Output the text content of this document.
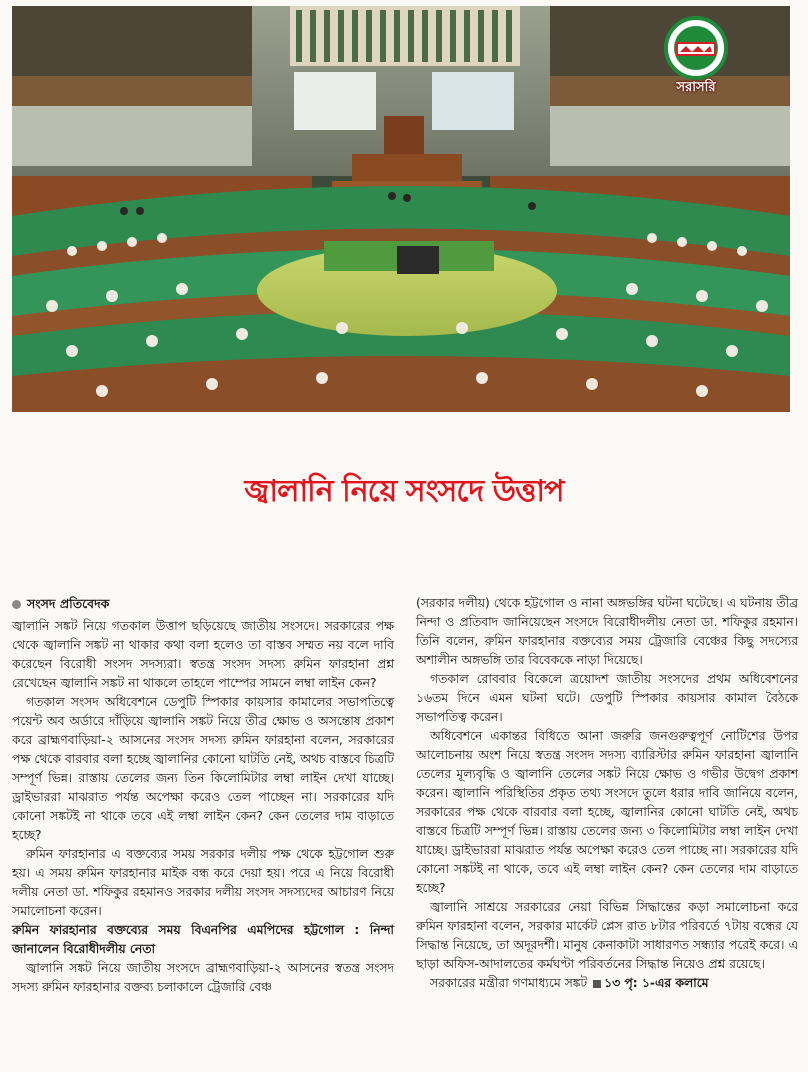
সরাসরি
জ্বালানি নিয়ে সংসদে উত্তাপ
সংসদ প্রতিবেদক

জ্বালানি সঙ্কট নিয়ে গতকাল উত্তাপ ছড়িয়েছে জাতীয় সংসদে। সরকারের পক্ষ থেকে জ্বালানি সঙ্কট না থাকার কথা বলা হলেও তা বাস্তব সম্মত নয় বলে দাবি করেছেন বিরোধী সংসদ সদস্যরা। স্বতন্ত্র সংসদ সদস্য রুমিন ফারহানা প্রশ্ন রেখেছেন জ্বালানি সঙ্কট না থাকলে তাহলে পাম্পের সামনে লম্বা লাইন কেন?

গতকাল সংসদ অধিবেশনে ডেপুটি স্পিকার কায়সার কামালের সভাপতিত্বে পয়েন্ট অব অর্ডারে দাঁড়িয়ে জ্বালানি সঙ্কট নিয়ে তীব্র ক্ষোভ ও অসন্তোষ প্রকাশ করে ব্রাহ্মণবাড়িয়া-২ আসনের সংসদ সদস্য রুমিন ফারহানা বলেন, সরকারের পক্ষ থেকে বারবার বলা হচ্ছে জ্বালানির কোনো ঘাটতি নেই, অথচ বাস্তবে চিত্রটি সম্পূর্ণ ভিন্ন। রাস্তায় তেলের জন্য তিন কিলোমিটার লম্বা লাইন দেখা যাচ্ছে। ড্রাইভাররা মাঝরাত পর্যন্ত অপেক্ষা করেও তেল পাচ্ছেন না। সরকারের যদি কোনো সঙ্কটই না থাকে তবে এই লম্বা লাইন কেন? কেন তেলের দাম বাড়াতে হচ্ছে?

রুমিন ফারহানার এ বক্তব্যের সময় সরকার দলীয় পক্ষ থেকে হট্টগোল শুরু হয়। এ সময় রুমিন ফারহানার মাইক বন্ধ করে দেয়া হয়। পরে এ নিয়ে বিরোধী দলীয় নেতা ডা. শফিকুর রহমানও সরকার দলীয় সংসদ সদস্যদের আচারণ নিয়ে সমালোচনা করেন।

রুমিন ফারহানার বক্তব্যের সময় বিএনপির এমপিদের হট্টগোল : নিন্দা জানালেন বিরোধীদলীয় নেতা

জ্বালানি সঙ্কট নিয়ে জাতীয় সংসদে ব্রাহ্মণবাড়িয়া-২ আসনের স্বতন্ত্র সংসদ সদস্য রুমিন ফারহানার বক্তব্য চলাকালে ট্রেজারি বেঞ্চ

(সরকার দলীয়) থেকে হট্টগোল ও নানা অঙ্গভঙ্গির ঘটনা ঘটেছে। এ ঘটনায় তীব্র নিন্দা ও প্রতিবাদ জানিয়েছেন সংসদে বিরোধীদলীয় নেতা ডা. শফিকুর রহমান। তিনি বলেন, রুমিন ফারহানার বক্তব্যের সময় ট্রেজারি বেঞ্চের কিছু সদস্যের অশালীন অঙ্গভঙ্গি তার বিবেককে নাড়া দিয়েছে।

গতকাল রোববার বিকেলে ত্রয়োদশ জাতীয় সংসদের প্রথম অধিবেশনের ১৬তম দিনে এমন ঘটনা ঘটে। ডেপুটি স্পিকার কায়সার কামাল বৈঠকে সভাপতিত্ব করেন।

অধিবেশনে একান্তর বিধিতে আনা জরুরি জনগুরুত্বপূর্ণ নোটিশের উপর আলোচনায় অংশ নিয়ে স্বতন্ত্র সংসদ সদস্য ব্যারিস্টার রুমিন ফারহানা জ্বালানি তেলের মূল্যবৃদ্ধি ও জ্বালানি তেলের সঙ্কট নিয়ে ক্ষোভ ও গভীর উদ্বেগ প্রকাশ করেন। জ্বালানি পরিস্থিতির প্রকৃত তথ্য সংসদে তুলে ধরার দাবি জানিয়ে বলেন, সরকারের পক্ষ থেকে বারবার বলা হচ্ছে, জ্বালানির কোনো ঘাটতি নেই, অথচ বাস্তবে চিত্রটি সম্পূর্ণ ভিন্ন। রাস্তায় তেলের জন্য ৩ কিলোমিটার লম্বা লাইন দেখা যাচ্ছে। ড্রাইভাররা মাঝরাত পর্যন্ত অপেক্ষা করেও তেল পাচ্ছে না। সরকারের যদি কোনো সঙ্কটই না থাকে, তবে এই লম্বা লাইন কেন? কেন তেলের দাম বাড়াতে হচ্ছে?

জ্বালানি সাশ্রয়ে সরকারের নেয়া বিভিন্ন সিদ্ধান্তের কড়া সমালোচনা করে রুমিন ফারহানা বলেন, সরকার মার্কেট প্লেস রাত ৮টার পরিবর্তে ৭টায় বন্ধের যে সিদ্ধান্ত নিয়েছে, তা অদূরদর্শী। মানুষ কেনাকাটা সাধারণত সন্ধ্যার পরেই করে। এ ছাড়া অফিস-আদালতের কর্মঘণ্টা পরিবর্তনের সিদ্ধান্ত নিয়েও প্রশ্ন রয়েছে।

সরকারের মন্ত্রীরা গণমাধ্যমে সঙ্কট ১৩ পৃ: ১-এর কলামে
